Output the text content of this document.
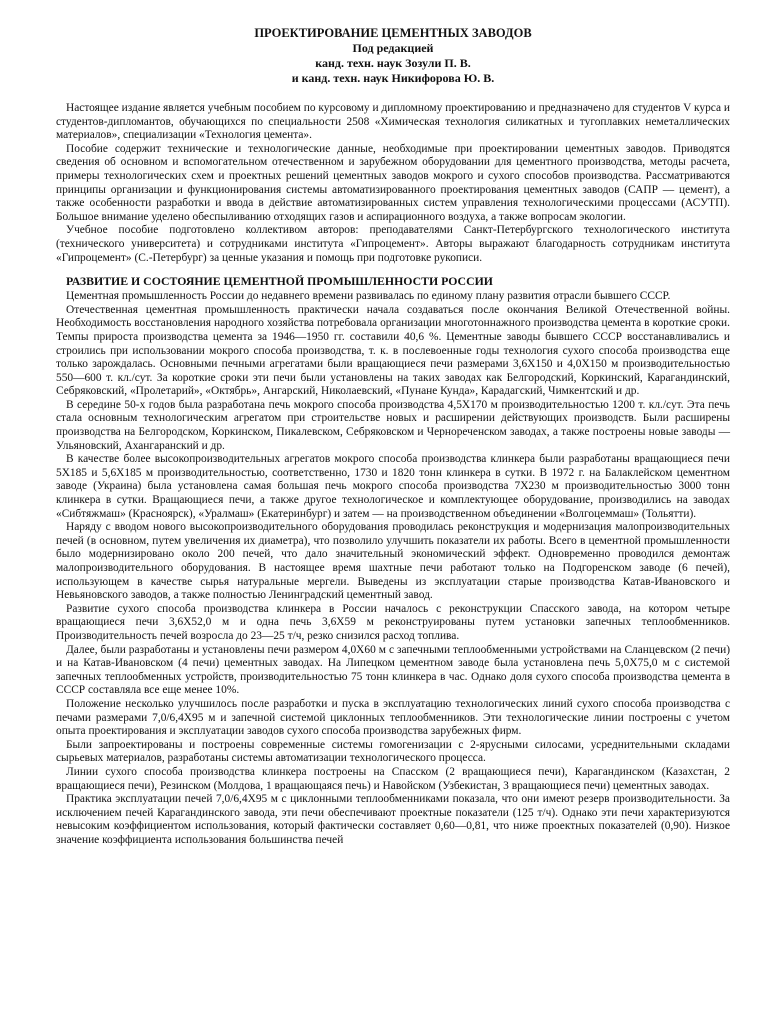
ПРОЕКТИРОВАНИЕ ЦЕМЕНТНЫХ ЗАВОДОВ
Под редакцией
канд. техн. наук Зозули П. В.
и канд. техн. наук Никифорова Ю. В.

Настоящее издание является учебным пособием по курсовому и дипломному проектированию и предназначено для студентов V курса и студентов-дипломантов, обучающихся по специальности 2508 «Химическая технология силикатных и тугоплавких неметаллических материалов», специализации «Технология цемента».

Пособие содержит технические и технологические данные, необходимые при проектировании цементных заводов. Приводятся сведения об основном и вспомогательном отечественном и зарубежном оборудовании для цементного производства, методы расчета, примеры технологических схем и проектных решений цементных заводов мокрого и сухого способов производства. Рассматриваются принципы организации и функционирования системы автоматизированного проектирования цементных заводов (САПР — цемент), а также особенности разработки и ввода в действие автоматизированных систем управления технологическими процессами (АСУТП). Большое внимание уделено обеспыливанию отходящих газов и аспирационного воздуха, а также вопросам экологии.

Учебное пособие подготовлено коллективом авторов: преподавателями Санкт-Петербургского технологического института (технического университета) и сотрудниками института «Гипроцемент». Авторы выражают благодарность сотрудникам института «Гипроцемент» (С.-Петербург) за ценные указания и помощь при подготовке рукописи.

РАЗВИТИЕ И СОСТОЯНИЕ ЦЕМЕНТНОЙ ПРОМЫШЛЕННОСТИ РОССИИ

Цементная промышленность России до недавнего времени развивалась по единому плану развития отрасли бывшего СССР.

Отечественная цементная промышленность практически начала создаваться после окончания Великой Отечественной войны. Необходимость восстановления народного хозяйства потребовала организации многотоннажного производства цемента в короткие сроки. Темпы прироста производства цемента за 1946—1950 гг. составили 40,6 %. Цементные заводы бывшего СССР восстанавливались и строились при использовании мокрого способа производства, т. к. в послевоенные годы технология сухого способа производства еще только зарождалась. Основными печными агрегатами были вращающиеся печи размерами 3,6Х150 и 4,0Х150 м производительностью 550—600 т. кл./сут. За короткие сроки эти печи были установлены на таких заводах как Белгородский, Коркинский, Карагандинский, Себряковский, «Пролетарий», «Октябрь», Ангарский, Николаевский, «Пунане Кунда», Карадагский, Чимкентский и др.

В середине 50-х годов была разработана печь мокрого способа производства 4,5Х170 м производительностью 1200 т. кл./сут. Эта печь стала основным технологическим агрегатом при строительстве новых и расширении действующих производств. Были расширены производства на Белгородском, Коркинском, Пикалевском, Себряковском и Чернореченском заводах, а также построены новые заводы — Ульяновский, Ахангаранский и др.

В качестве более высокопроизводительных агрегатов мокрого способа производства клинкера были разработаны вращающиеся печи 5Х185 и 5,6Х185 м производительностью, соответственно, 1730 и 1820 тонн клинкера в сутки. В 1972 г. на Балаклейском цементном заводе (Украина) была установлена самая большая печь мокрого способа производства 7Х230 м производительностью 3000 тонн клинкера в сутки. Вращающиеся печи, а также другое технологическое и комплектующее оборудование, производились на заводах «Сибтяжмаш» (Красноярск), «Уралмаш» (Екатеринбург) и затем — на производственном объединении «Волгоцеммаш» (Тольятти).

Наряду с вводом нового высокопроизводительного оборудования проводилась реконструкция и модернизация малопроизводительных печей (в основном, путем увеличения их диаметра), что позволило улучшить показатели их работы. Всего в цементной промышленности было модернизировано около 200 печей, что дало значительный экономический эффект. Одновременно проводился демонтаж малопроизводительного оборудования. В настоящее время шахтные печи работают только на Подгоренском заводе (6 печей), использующем в качестве сырья натуральные мергели. Выведены из эксплуатации старые производства Катав-Ивановского и Невьяновского заводов, а также полностью Ленинградский цементный завод.

Развитие сухого способа производства клинкера в России началось с реконструкции Спасского завода, на котором четыре вращающиеся печи 3,6Х52,0 м и одна печь 3,6Х59 м реконструированы путем установки запечных теплообменников. Производительность печей возросла до 23—25 т/ч, резко снизился расход топлива.

Далее, были разработаны и установлены печи размером 4,0Х60 м с запечными теплообменными устройствами на Сланцевском (2 печи) и на Катав-Ивановском (4 печи) цементных заводах. На Липецком цементном заводе была установлена печь 5,0Х75,0 м с системой запечных теплообменных устройств, производительностью 75 тонн клинкера в час. Однако доля сухого способа производства цемента в СССР составляла все еще менее 10%.

Положение несколько улучшилось после разработки и пуска в эксплуатацию технологических линий сухого способа производства с печами размерами 7,0/6,4Х95 м и запечной системой циклонных теплообменников. Эти технологические линии построены с учетом опыта проектирования и эксплуатации заводов сухого способа производства зарубежных фирм.

Были запроектированы и построены современные системы гомогенизации с 2-ярусными силосами, усреднительными складами сырьевых материалов, разработаны системы автоматизации технологического процесса.

Линии сухого способа производства клинкера построены на Спасском (2 вращающиеся печи), Карагандинском (Казахстан, 2 вращающиеся печи), Резинском (Молдова, 1 вращающаяся печь) и Навойском (Узбекистан, 3 вращающиеся печи) цементных заводах.

Практика эксплуатации печей 7,0/6,4Х95 м с циклонными теплообменниками показала, что они имеют резерв производительности. За исключением печей Карагандинского завода, эти печи обеспечивают проектные показатели (125 т/ч). Однако эти печи характеризуются невысоким коэффициентом использования, который фактически составляет 0,60—0,81, что ниже проектных показателей (0,90). Низкое значение коэффициента использования большинства печей
